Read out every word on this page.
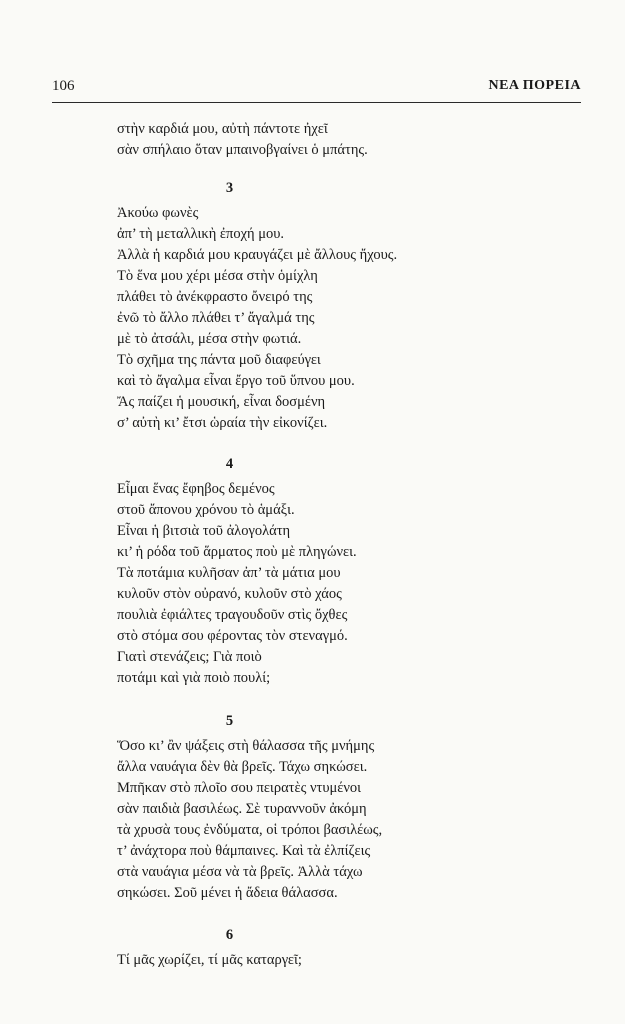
106	ΝΕΑ ΠΟΡΕΙΑ
στὴν καρδιά μου, αὐτὴ πάντοτε ἠχεῖ
σὰν σπήλαιο ὅταν μπαινοβγαίνει ὁ μπάτης.
3
Ἀκούω φωνὲς
ἀπ’ τὴ μεταλλικὴ ἐποχή μου.
Ἀλλὰ ἡ καρδιά μου κραυγάζει μὲ ἄλλους ἤχους.
Τὸ ἕνα μου χέρι μέσα στὴν ὁμίχλη
πλάθει τὸ ἀνέκφραστο ὄνειρό της
ἐνῶ τὸ ἄλλο πλάθει τ’ ἄγαλμά της
μὲ τὸ ἀτσάλι, μέσα στὴν φωτιά.
Τὸ σχῆμα της πάντα μοῦ διαφεύγει
καὶ τὸ ἄγαλμα εἶναι ἔργο τοῦ ὕπνου μου.
Ἄς παίζει ἡ μουσική, εἶναι δοσμένη
σ’ αὐτὴ κι’ ἔτσι ὡραία τὴν εἰκονίζει.
4
Εἶμαι ἕνας ἔφηβος δεμένος
στοῦ ἄπονου χρόνου τὸ ἁμάξι.
Εἶναι ἡ βιτσιὰ τοῦ ἀλογολάτη
κι’ ἡ ρόδα τοῦ ἅρματος ποὺ μὲ πληγώνει.
Τὰ ποτάμια κυλῆσαν ἀπ’ τὰ μάτια μου
κυλοῦν στὸν οὐρανό, κυλοῦν στὸ χάος
πουλιὰ ἐφιάλτες τραγουδοῦν στὶς ὄχθες
στὸ στόμα σου φέροντας τὸν στεναγμό.
Γιατὶ στενάζεις; Γιὰ ποιὸ
ποτάμι καὶ γιὰ ποιὸ πουλί;
5
Ὅσο κι’ ἂν ψάξεις στὴ θάλασσα τῆς μνήμης
ἄλλα ναυάγια δὲν θὰ βρεῖς. Τάχω σηκώσει.
Μπῆκαν στὸ πλοῖο σου πειρατὲς ντυμένοι
σὰν παιδιὰ βασιλέως. Σὲ τυραννοῦν ἀκόμη
τὰ χρυσὰ τους ἐνδύματα, οἱ τρόποι βασιλέως,
τ’ ἀνάχτορα ποὺ θάμπαινες. Καὶ τὰ ἐλπίζεις
στὰ ναυάγια μέσα νὰ τὰ βρεῖς. Ἀλλὰ τάχω
σηκώσει. Σοῦ μένει ἡ ἄδεια θάλασσα.
6
Τί μᾶς χωρίζει, τί μᾶς καταργεῖ;
